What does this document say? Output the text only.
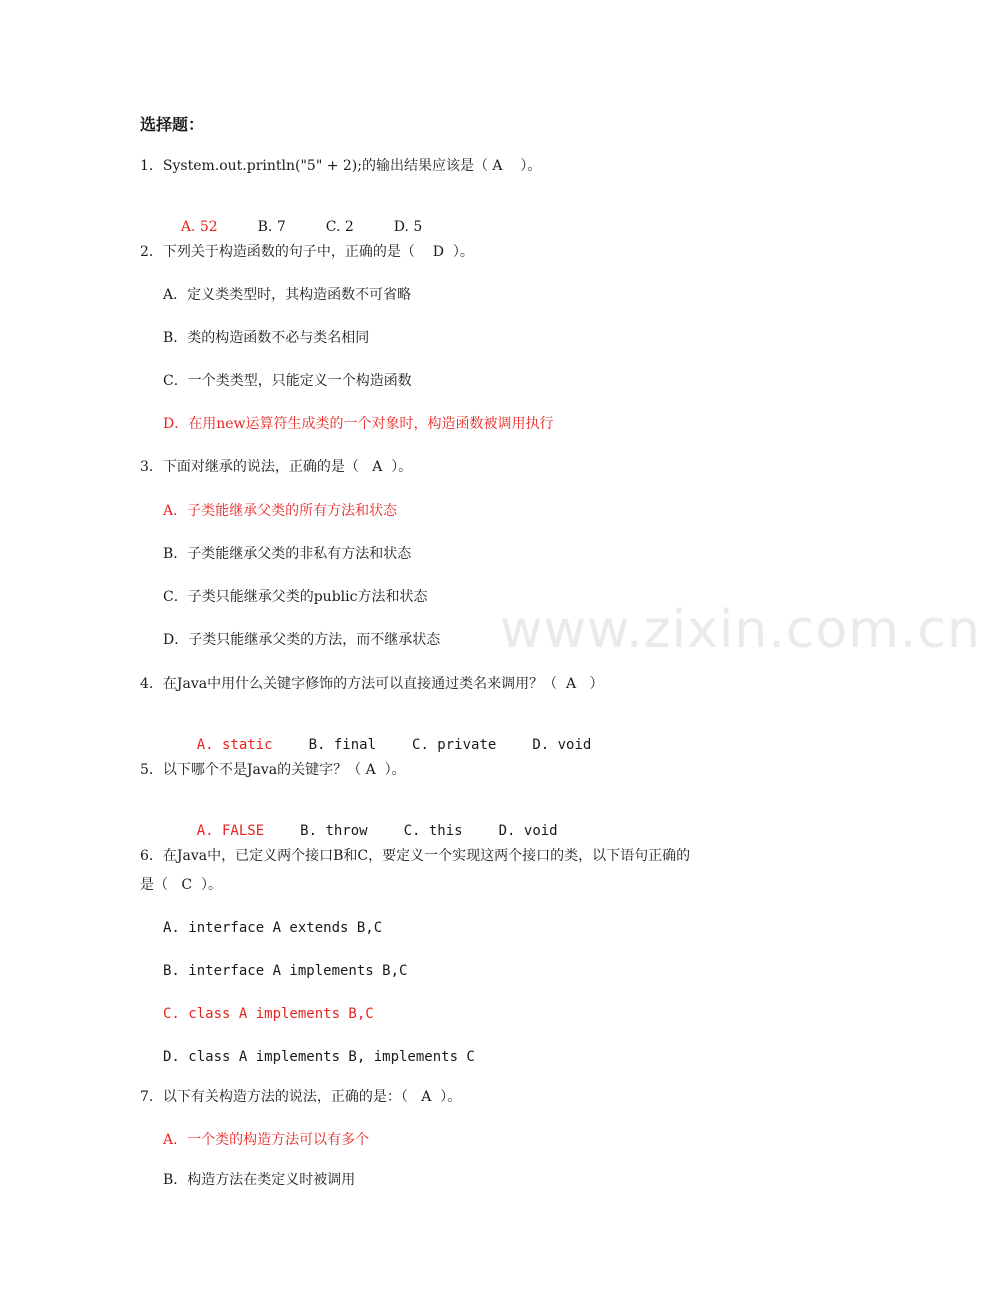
www.zixin.com.cn
选择题：
1．System.out.println("5" + 2);的输出结果应该是（ A    ）。

A. 52	B. 7	C. 2	D. 5

2．下列关于构造函数的句子中，正确的是（    D  ）。
A．定义类类型时，其构造函数不可省略
B．类的构造函数不必与类名相同
C．一个类类型，只能定义一个构造函数
D．在用new运算符生成类的一个对象时，构造函数被调用执行
3．下面对继承的说法，正确的是（   A  ）。
A．子类能继承父类的所有方法和状态
B．子类能继承父类的非私有方法和状态
C．子类只能继承父类的public方法和状态
D．子类只能继承父类的方法，而不继承状态
4．在Java中用什么关键字修饰的方法可以直接通过类名来调用？（  A   ）

A. static	B. final	C. private	D. void

5．以下哪个不是Java的关键字？（ A  ）。

A. FALSE	B. throw	C. this	D. void

6．在Java中，已定义两个接口B和C，要定义一个实现这两个接口的类，以下语句正确的
是（   C  ）。
A. interface A extends B,C
B. interface A implements B,C
C. class A implements B,C
D. class A implements B, implements C
7．以下有关构造方法的说法，正确的是：（   A  ）。
A．一个类的构造方法可以有多个
B．构造方法在类定义时被调用
